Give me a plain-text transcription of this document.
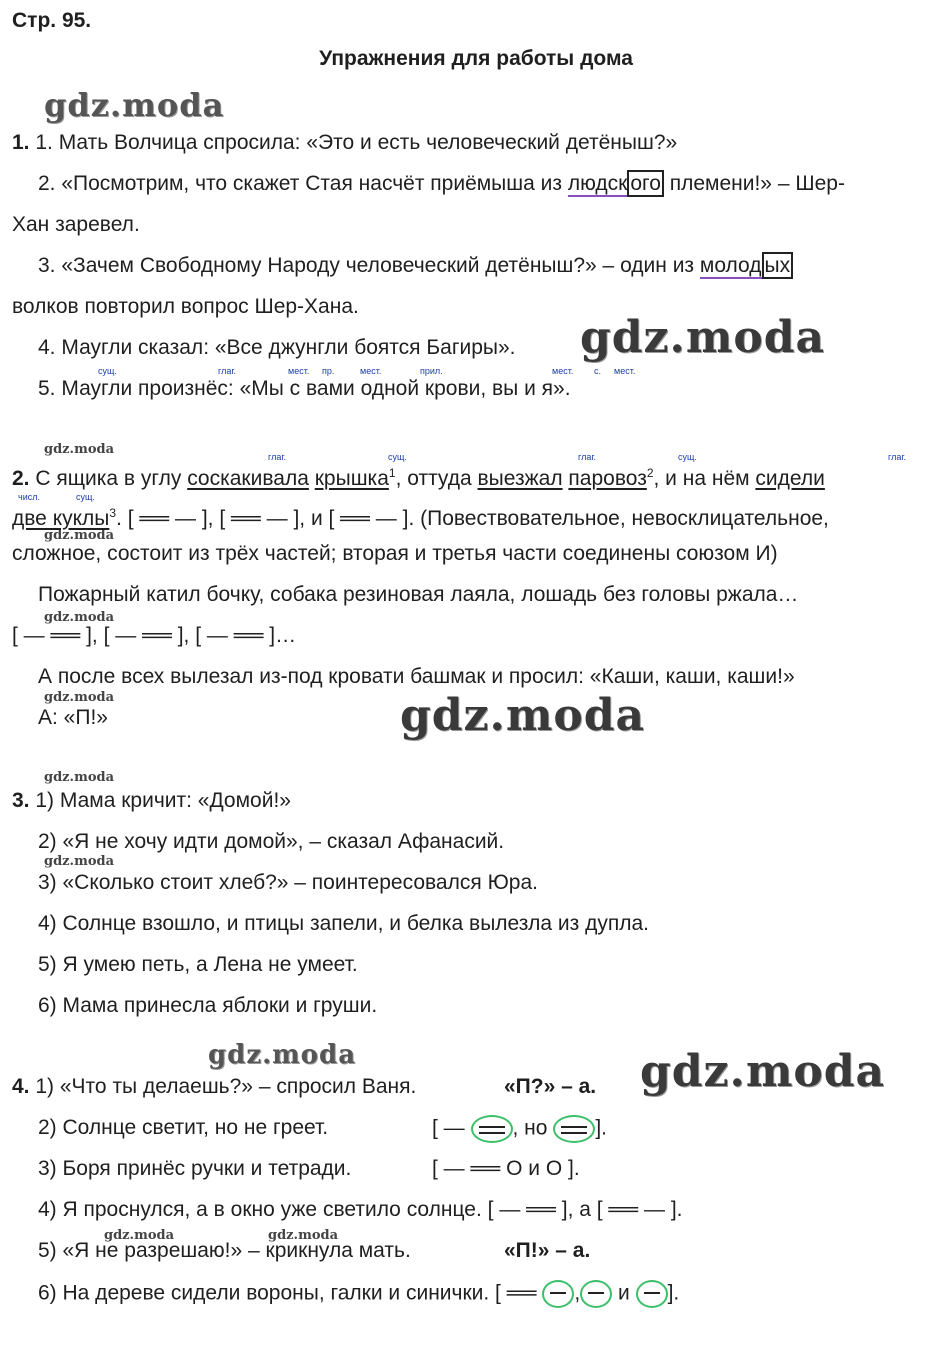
Стр. 95.
Упражнения для работы дома
gdz.moda
gdz.moda
gdz.moda
gdz.moda
gdz.moda
gdz.moda
gdz.moda
gdz.moda
gdz.moda
gdz.moda
gdz.moda
gdz.moda	gdz.moda
1. 1. Мать Волчица спросила: «Это и есть человеческий детёныш?»
2. «Посмотрим, что скажет Стая насчёт приёмыша из людск ого племени!» – Шер-
Хан заревел.
3. «Зачем Свободному Народу человеческий детёныш?» – один из молод ых
волков повторил вопрос Шер-Хана.
4. Маугли сказал: «Все джунгли боятся Багиры».
сущ.	глаг.	мест. пр.	мест.	прил.	мест. с. мест.
5. Маугли произнёс: «Мы с вами одной крови, вы и я».
глаг.	сущ.	глаг.	сущ.	глаг.
2. С ящика в углу соскакивала крышка$^1$, оттуда выезжал паровоз$^2$, и на нём сидели
числ.	сущ.
две куклы$^3$. [ ══ — ], [ ══ — ], и [ ══ — ]. (Повествовательное, невосклицательное,
сложное, состоит из трёх частей; вторая и третья части соединены союзом И)
Пожарный катил бочку, собака резиновая лаяла, лошадь без головы ржала…
[ — ══ ], [ — ══ ], [ — ══ ]…
А после всех вылезал из-под кровати башмак и просил: «Каши, каши, каши!»
А: «П!»
3. 1) Мама кричит: «Домой!»
2) «Я не хочу идти домой», – сказал Афанасий.
3) «Сколько стоит хлеб?» – поинтересовался Юра.
4) Солнце взошло, и птицы запели, и белка вылезла из дупла.
5) Я умею петь, а Лена не умеет.
6) Мама принесла яблоки и груши.
4. 1) «Что ты делаешь?» – спросил Ваня.	«П?» – а.
2) Солнце светит, но не греет.	[ — , но ].
3) Боря принёс ручки и тетради.	[ — ══ О и О ].
4) Я проснулся, а в окно уже светило солнце. [ — ══ ], а [ ══ — ].
5) «Я не разрешаю!» – крикнула мать.	«П!» – а.
6) На дереве сидели вороны, галки и синички. [ ══ , и ].
